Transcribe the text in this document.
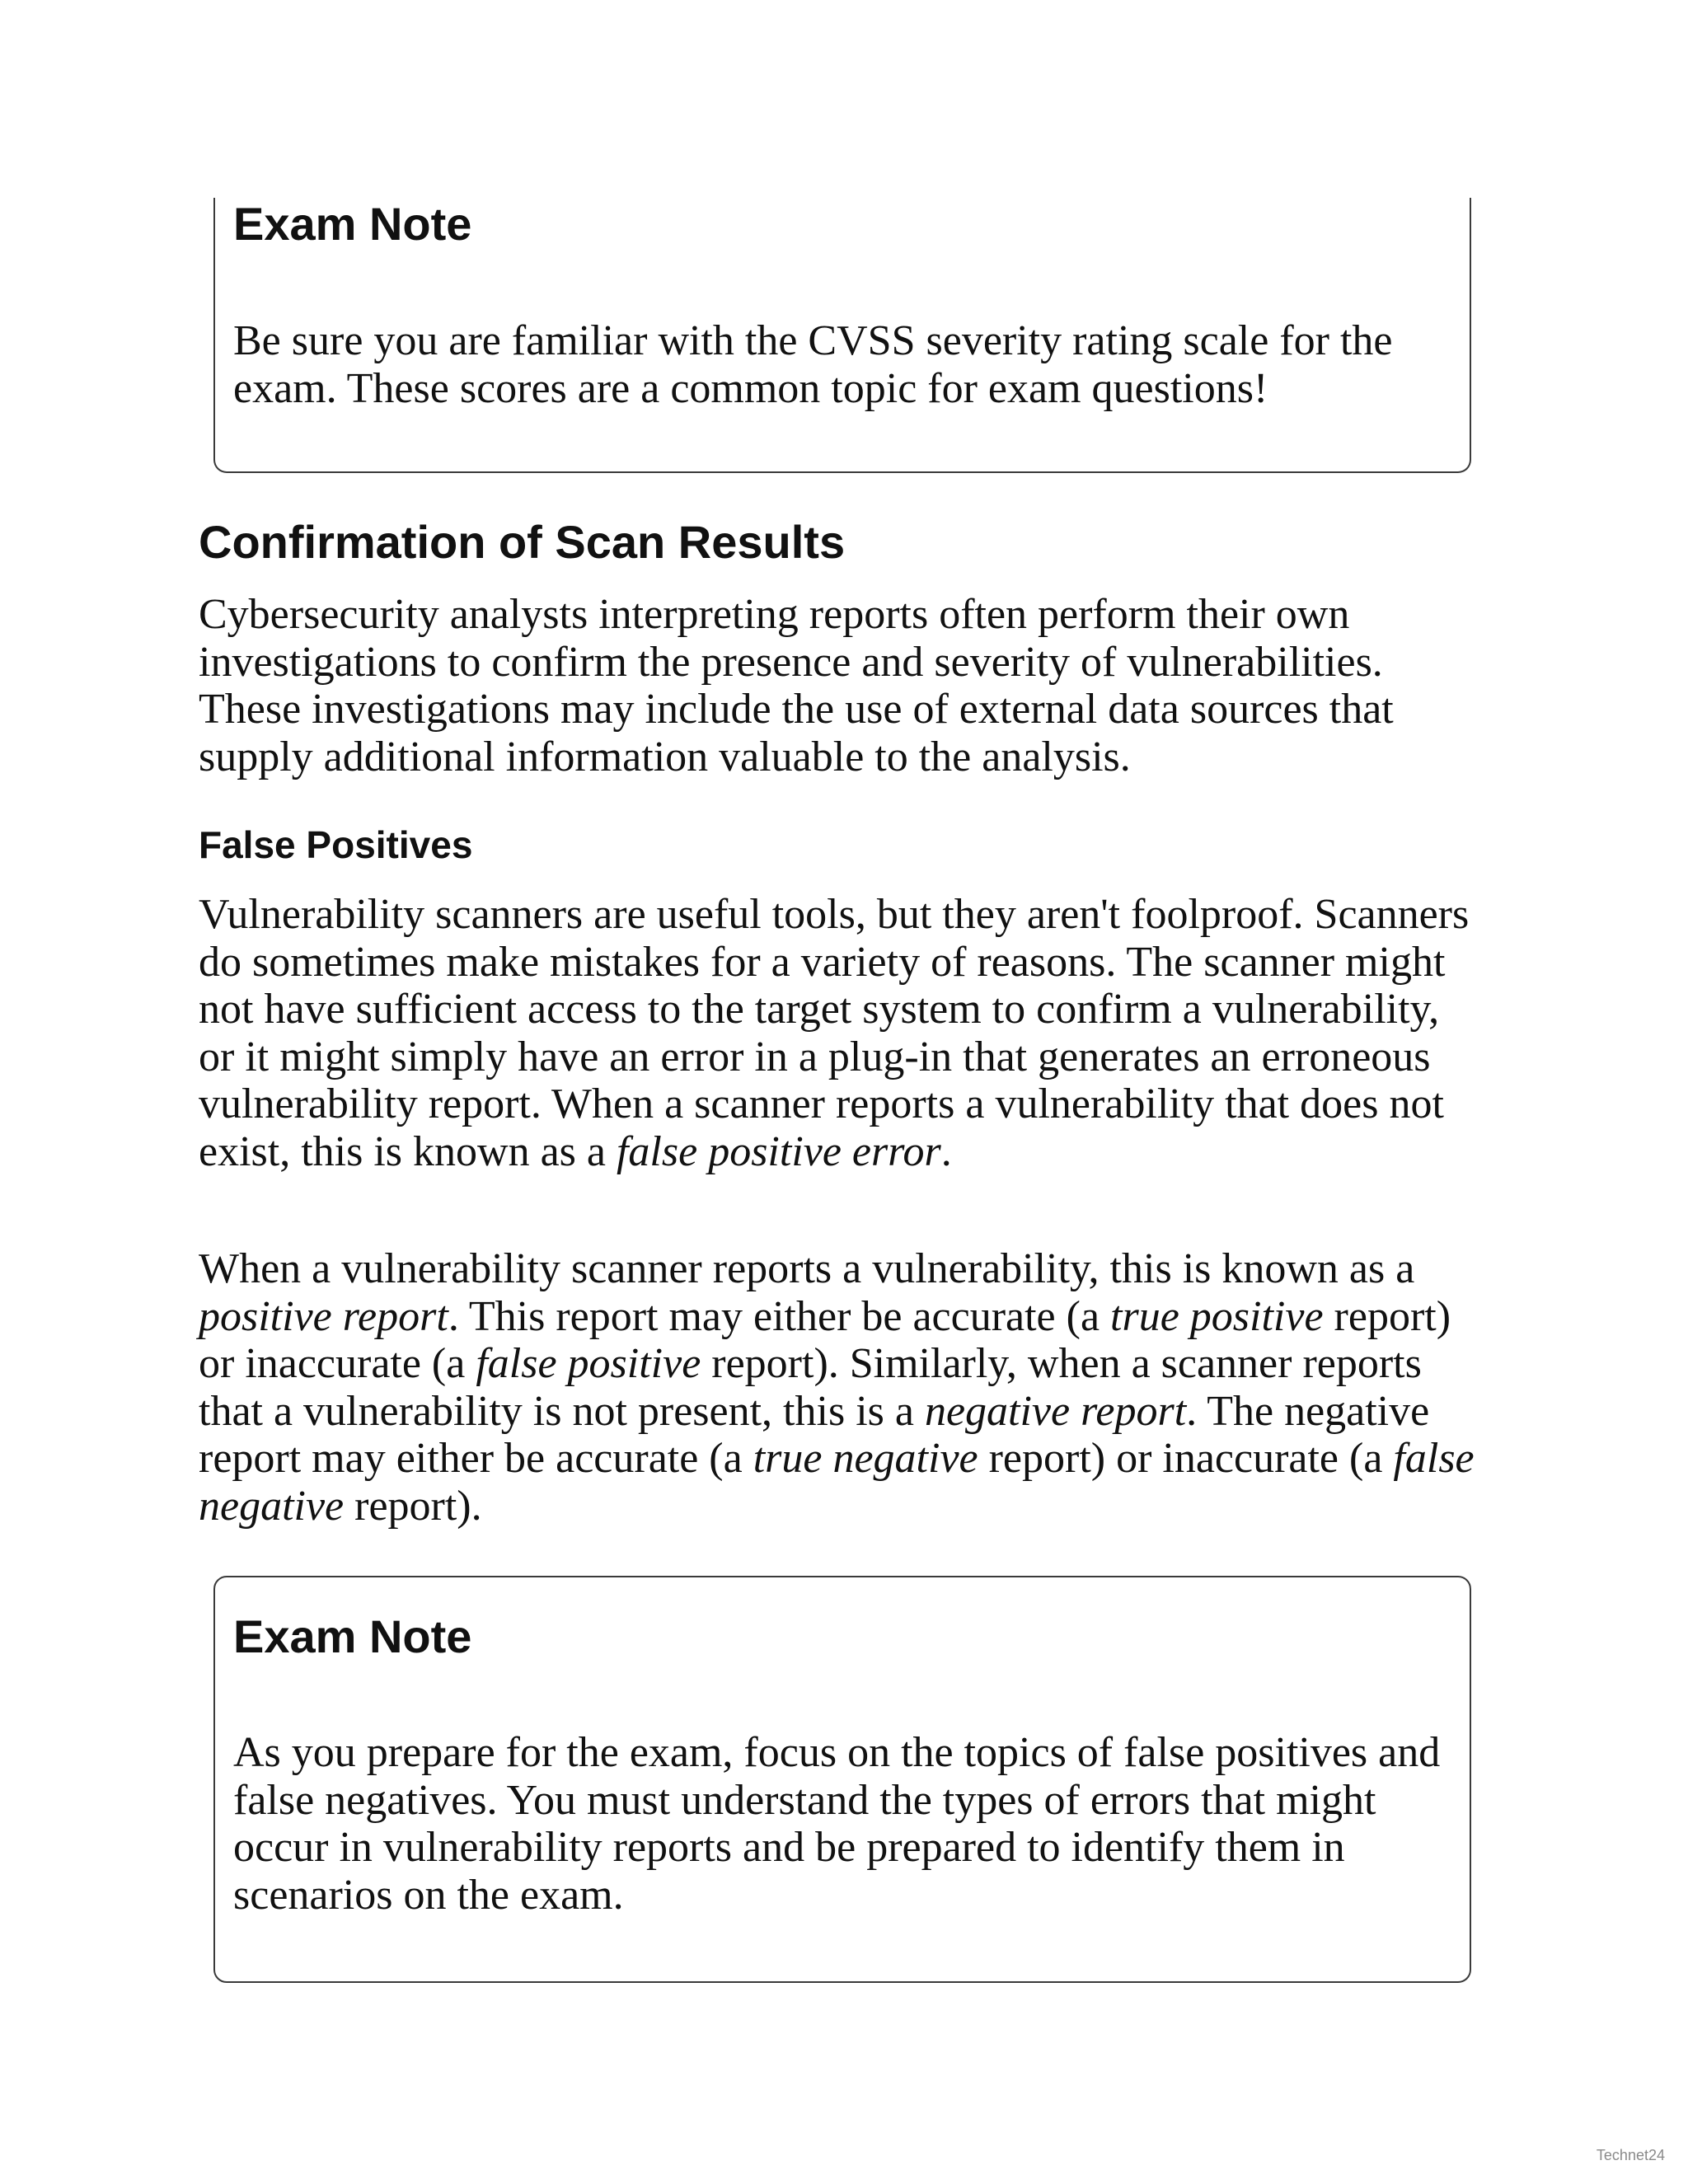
Exam Note

Be sure you are familiar with the CVSS severity rating scale for the exam. These scores are a common topic for exam questions!

Confirmation of Scan Results

Cybersecurity analysts interpreting reports often perform their own investigations to confirm the presence and severity of vulnerabilities. These investigations may include the use of external data sources that supply additional information valuable to the analysis.

False Positives

Vulnerability scanners are useful tools, but they aren't foolproof. Scanners do sometimes make mistakes for a variety of reasons. The scanner might not have sufficient access to the target system to confirm a vulnerability, or it might simply have an error in a plug-in that generates an erroneous vulnerability report. When a scanner reports a vulnerability that does not exist, this is known as a false positive error.

When a vulnerability scanner reports a vulnerability, this is known as a positive report. This report may either be accurate (a true positive report) or inaccurate (a false positive report). Similarly, when a scanner reports that a vulnerability is not present, this is a negative report. The negative report may either be accurate (a true negative report) or inaccurate (a false negative report).

Exam Note

As you prepare for the exam, focus on the topics of false positives and false negatives. You must understand the types of errors that might occur in vulnerability reports and be prepared to identify them in scenarios on the exam.

Technet24
